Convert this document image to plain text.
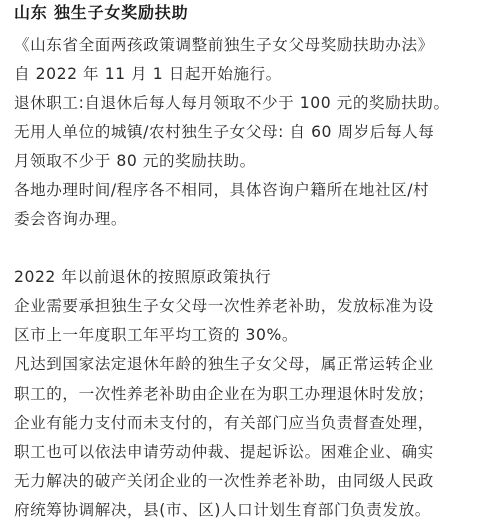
山东 独生子女奖励扶助
《山东省全面两孩政策调整前独生子女父母奖励扶助办法》
自 2022 年 11 月 1 日起开始施行。
退休职工:自退休后每人每月领取不少于 100 元的奖励扶助。
无用人单位的城镇/农村独生子女父母: 自 60 周岁后每人每
月领取不少于 80 元的奖励扶助。
各地办理时间/程序各不相同，具体咨询户籍所在地社区/村
委会咨询办理。
2022 年以前退休的按照原政策执行
企业需要承担独生子女父母一次性养老补助，发放标准为设
区市上一年度职工年平均工资的 30%。
凡达到国家法定退休年龄的独生子女父母，属正常运转企业
职工的，一次性养老补助由企业在为职工办理退休时发放；
企业有能力支付而未支付的，有关部门应当负责督查处理，
职工也可以依法申请劳动仲裁、提起诉讼。困难企业、确实
无力解决的破产关闭企业的一次性养老补助，由同级人民政
府统筹协调解决，县(市、区)人口计划生育部门负责发放。
